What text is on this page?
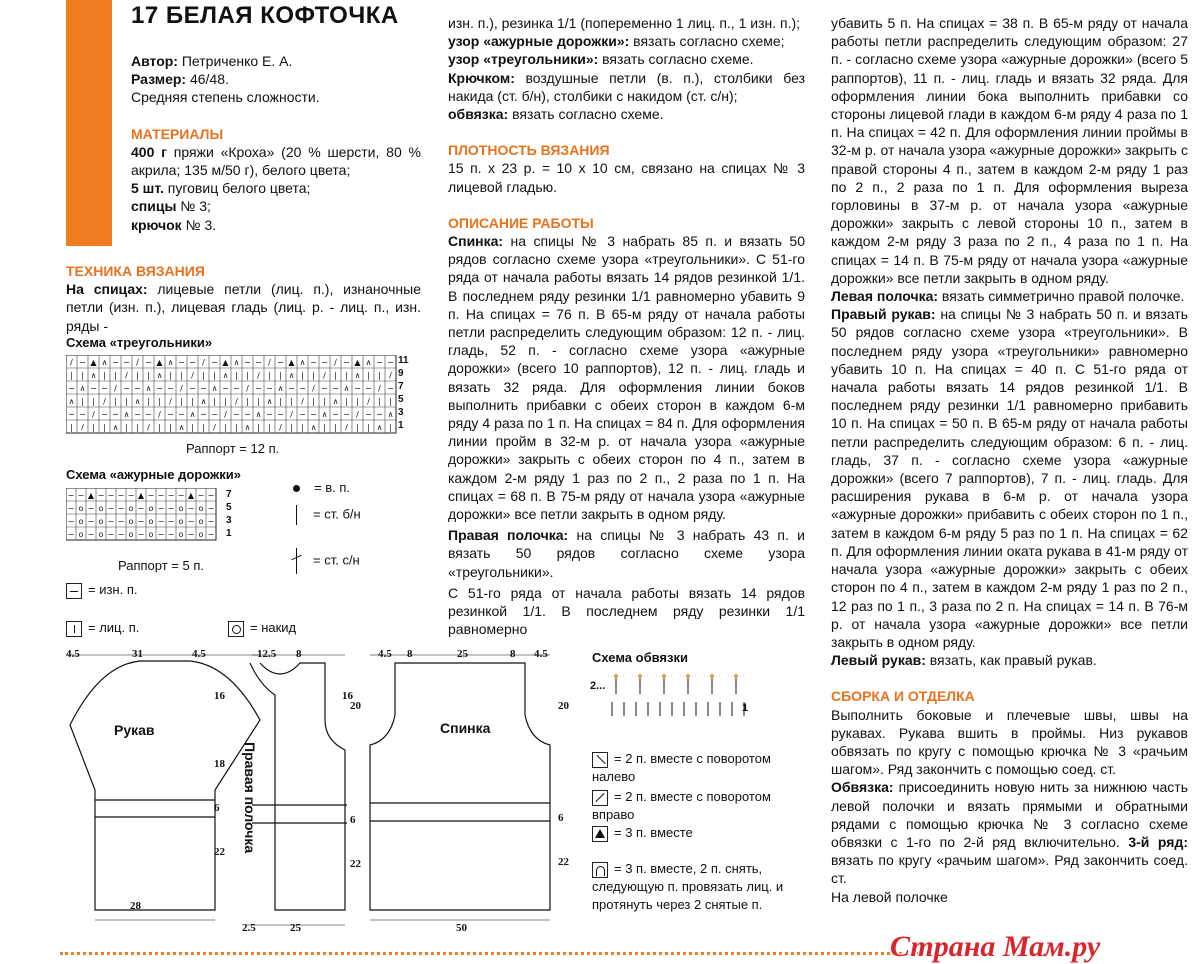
17 БЕЛАЯ КОФТОЧКА

Автор: Петриченко Е. А.

Размер: 46/48.

Средняя степень сложности.

МАТЕРИАЛЫ

400 г пряжи «Кроха» (20 % шерсти, 80 % акрила; 135 м/50 г), белого цвета;

5 шт. пуговиц белого цвета;

спицы № 3;

крючок № 3.

ТЕХНИКА ВЯЗАНИЯ

На спицах: лицевые петли (лиц. п.), изнаночные петли (изн. п.), лицевая гладь (лиц. р. - лиц. п., изн. ряды -

Схема «треугольники»
/ − ▲ ∧ − − / − ▲ ∧ − − / − ▲ ∧ − − / − ▲ ∧ − − / − ▲ ∧ − −
| | ∧ | | / | | ∧ | | / | | ∧ | | / | | ∧ | | / | | ∧ | | /
− ∧ − − / − − ∧ − − / − − ∧ − − / − − ∧ − − / − − ∧ − − / −
∧ | | / | | ∧ | | / | | ∧ | | / | | ∧ | | / | | ∧ | | / | |
− − / − − ∧ − − / − − ∧ − − / − − ∧ − − / − − ∧ − − / − − ∧
| / | | ∧ | | / | | ∧ | | / | | ∧ | | / | | ∧ | | / | | ∧ |
11
9
7
5
3
1
Раппорт = 12 п.
Схема «ажурные дорожки»
− − ▲ − − − − ▲ − − − − ▲ − −
− o − o − − o − o − − o − o −
− o − o − − o − o − − o − o −
− o − o − − o − o − − o − o −
7
5
3
1
Раппорт = 5 п.
= в. п.
= ст. б/н
= ст. с/н
= изн. п.
= лиц. п.	= накид
Рукав
Правая полочка
Спинка
4.5	31	4.5
16
18
6
22
28
12.5 8
16
20
6
22
2.5	25
4.5 8	25	8 4.5
20
6
22
50
Схема обвязки
2...
1
= 2 п. вместе с поворотом налево
= 2 п. вместе с поворотом вправо
= 3 п. вместе
= 3 п. вместе, 2 п. снять, следующую п. провязать лиц. и протянуть через 2 снятые п.

изн. п.), резинка 1/1 (попеременно 1 лиц. п., 1 изн. п.);

узор «ажурные дорожки»: вязать согласно схеме;

узор «треугольники»: вязать согласно схеме.

Крючком: воздушные петли (в. п.), столбики без накида (ст. б/н), столбики с накидом (ст. с/н);

обвязка: вязать согласно схеме.

ПЛОТНОСТЬ ВЯЗАНИЯ

15 п. x 23 р. = 10 x 10 см, связано на спицах № 3 лицевой гладью.

ОПИСАНИЕ РАБОТЫ

Спинка: на спицы № 3 набрать 85 п. и вязать 50 рядов согласно схеме узора «треугольники». С 51-го ряда от начала работы вязать 14 рядов резинкой 1/1. В последнем ряду резинки 1/1 равномерно убавить 9 п. На спицах = 76 п. В 65-м ряду от начала работы петли распределить следующим образом: 12 п. - лиц. гладь, 52 п. - согласно схеме узора «ажурные дорожки» (всего 10 раппортов), 12 п. - лиц. гладь и вязать 32 ряда. Для оформления линии боков выполнить прибавки с обеих сторон в каждом 6-м ряду 4 раза по 1 п. На спицах = 84 п. Для оформления линии пройм в 32-м р. от начала узора «ажурные дорожки» закрыть с обеих сторон по 4 п., затем в каждом 2-м ряду 1 раз по 2 п., 2 раза по 1 п. На спицах = 68 п. В 75-м ряду от начала узора «ажурные дорожки» все петли закрыть в одном ряду.

Правая полочка: на спицы № 3 набрать 43 п. и вязать 50 рядов согласно схеме узора «треугольники».

С 51-го ряда от начала работы вязать 14 рядов резинкой 1/1. В последнем ряду резинки 1/1 равномерно

убавить 5 п. На спицах = 38 п. В 65-м ряду от начала работы петли распределить следующим образом: 27 п. - согласно схеме узора «ажурные дорожки» (всего 5 раппортов), 11 п. - лиц. гладь и вязать 32 ряда. Для оформления линии бока выполнить прибавки со стороны лицевой глади в каждом 6-м ряду 4 раза по 1 п. На спицах = 42 п. Для оформления линии проймы в 32-м р. от начала узора «ажурные дорожки» закрыть с правой стороны 4 п., затем в каждом 2-м ряду 1 раз по 2 п., 2 раза по 1 п. Для оформления выреза горловины в 37-м р. от начала узора «ажурные дорожки» закрыть с левой стороны 10 п., затем в каждом 2-м ряду 3 раза по 2 п., 4 раза по 1 п. На спицах = 14 п. В 75-м ряду от начала узора «ажурные дорожки» все петли закрыть в одном ряду.

Левая полочка: вязать симметрично правой полочке.

Правый рукав: на спицы № 3 набрать 50 п. и вязать 50 рядов согласно схеме узора «треугольники». В последнем ряду узора «треугольники» равномерно убавить 10 п. На спицах = 40 п. С 51-го ряда от начала работы вязать 14 рядов резинкой 1/1. В последнем ряду резинки 1/1 равномерно прибавить 10 п. На спицах = 50 п. В 65-м ряду от начала работы петли распределить следующим образом: 6 п. - лиц. гладь, 37 п. - согласно схеме узора «ажурные дорожки» (всего 7 раппортов), 7 п. - лиц. гладь. Для расширения рукава в 6-м р. от начала узора «ажурные дорожки» прибавить с обеих сторон по 1 п., затем в каждом 6-м ряду 5 раз по 1 п. На спицах = 62 п. Для оформления линии оката рукава в 41-м ряду от начала узора «ажурные дорожки» закрыть с обеих сторон по 4 п., затем в каждом 2-м ряду 1 раз по 2 п., 12 раз по 1 п., 3 раза по 2 п. На спицах = 14 п. В 76-м р. от начала узора «ажурные дорожки» все петли закрыть в одном ряду.

Левый рукав: вязать, как правый рукав.

СБОРКА И ОТДЕЛКА

Выполнить боковые и плечевые швы, швы на рукавах. Рукава вшить в проймы. Низ рукавов обвязать по кругу с помощью крючка № 3 «рачьим шагом». Ряд закончить с помощью соед. ст.

Обвязка: присоединить новую нить за нижнюю часть левой полочки и вязать прямыми и обратными рядами с помощью крючка № 3 согласно схеме обвязки с 1-го по 2-й ряд включительно. 3-й ряд: вязать по кругу «рачьим шагом». Ряд закончить соед. ст.

На левой полочке

Страна Мам.ру
